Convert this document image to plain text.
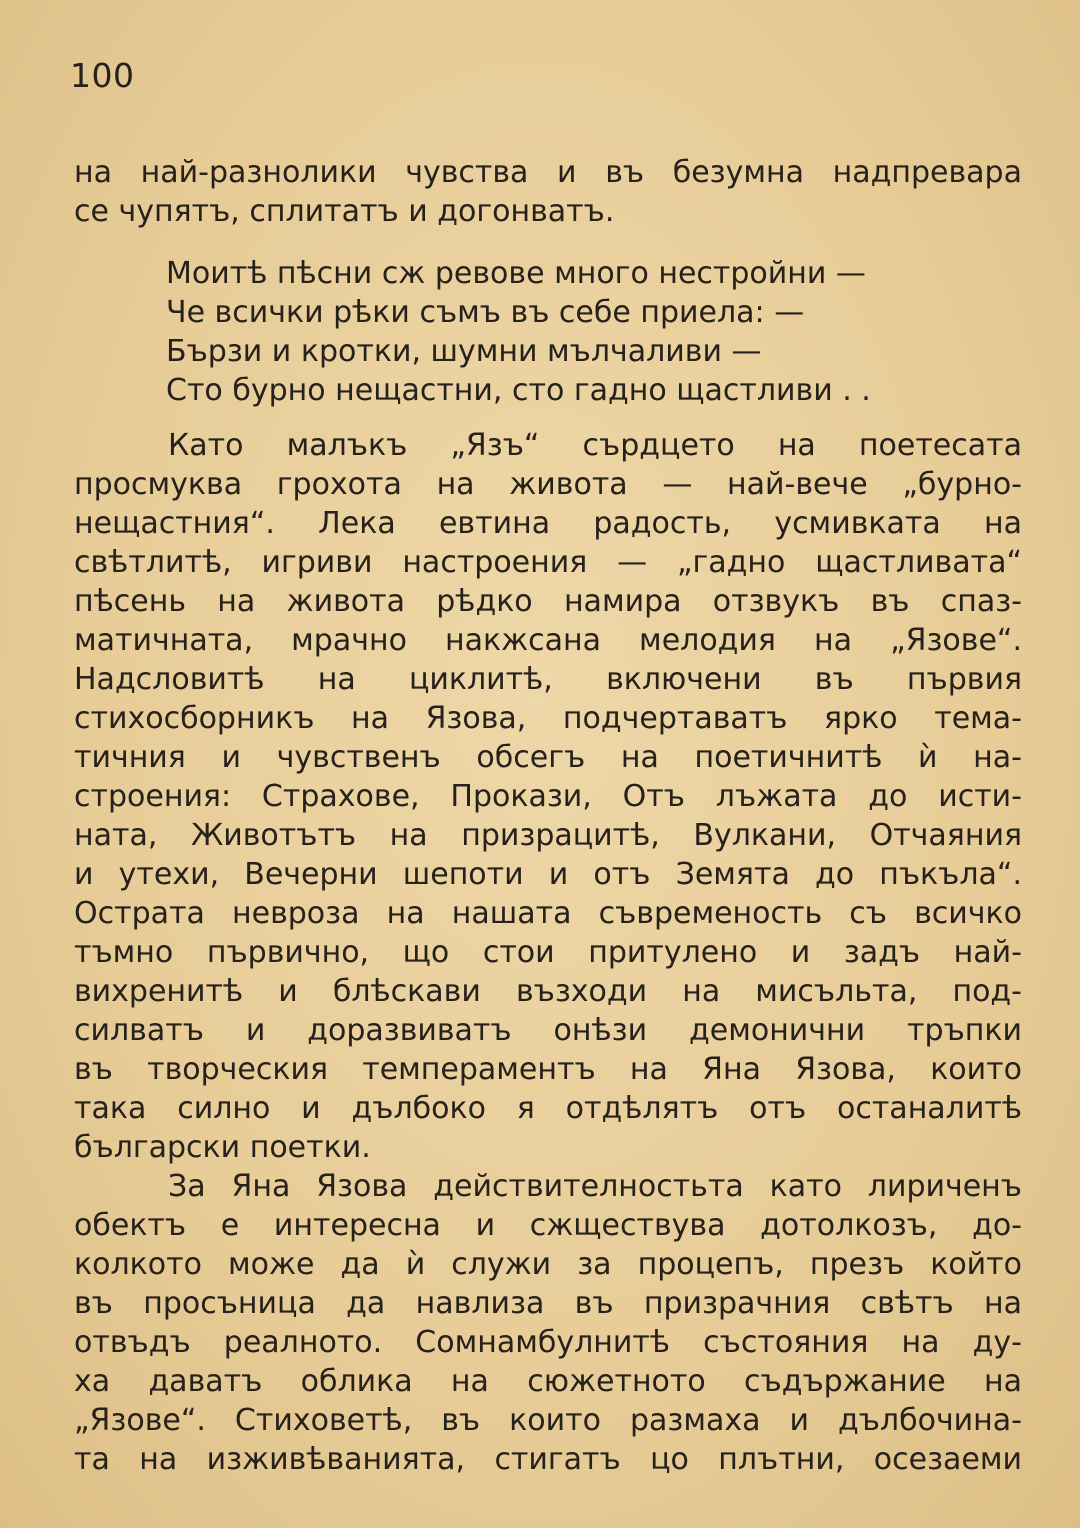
100
на най-разнолики чувства и въ безумна надпревара
се чупятъ, сплитатъ и догонватъ.
Моитѣ пѣсни сж ревове много нестройни —
Че всички рѣки съмъ въ себе приела: —
Бързи и кротки, шумни мълчаливи —
Сто бурно нещастни, сто гадно щастливи . .
Като малъкъ „Язъ“ сърдцето на поетесата
просмуква грохота на живота — най-вече „бурно-
нещастния“. Лека евтина радость, усмивката на
свѣтлитѣ, игриви настроения — „гадно щастливата“
пѣсень на живота рѣдко намира отзвукъ въ спаз-
матичната, мрачно накжсана мелодия на „Язове“.
Надсловитѣ на циклитѣ, включени въ първия
стихосборникъ на Язова, подчертаватъ ярко тема-
тичния и чувственъ обсегъ на поетичнитѣ ѝ на-
строения: Страхове, Прокази, Отъ лъжата до исти-
ната, Животътъ на призрацитѣ, Вулкани, Отчаяния
и утехи, Вечерни шепоти и отъ Земята до пъкъла“.
Острата невроза на нашата съвременость съ всичко
тъмно първично, що стои притулено и задъ най-
вихренитѣ и блѣскави възходи на мисъльта, под-
силватъ и доразвиватъ онѣзи демонични тръпки
въ творческия темпераментъ на Яна Язова, които
така силно и дълбоко я отдѣлятъ отъ останалитѣ
български поетки.
За Яна Язова действителностьта като лириченъ
обектъ е интересна и сжществува дотолкозъ, до-
колкото може да ѝ служи за процепъ, презъ който
въ просъница да навлиза въ призрачния свѣтъ на
отвъдъ реалното. Сомнамбулнитѣ състояния на ду-
ха даватъ облика на сюжетното съдържание на
„Язове“. Стиховетѣ, въ които размаха и дълбочина-
та на изживѣванията, стигатъ цо плътни, осезаеми
